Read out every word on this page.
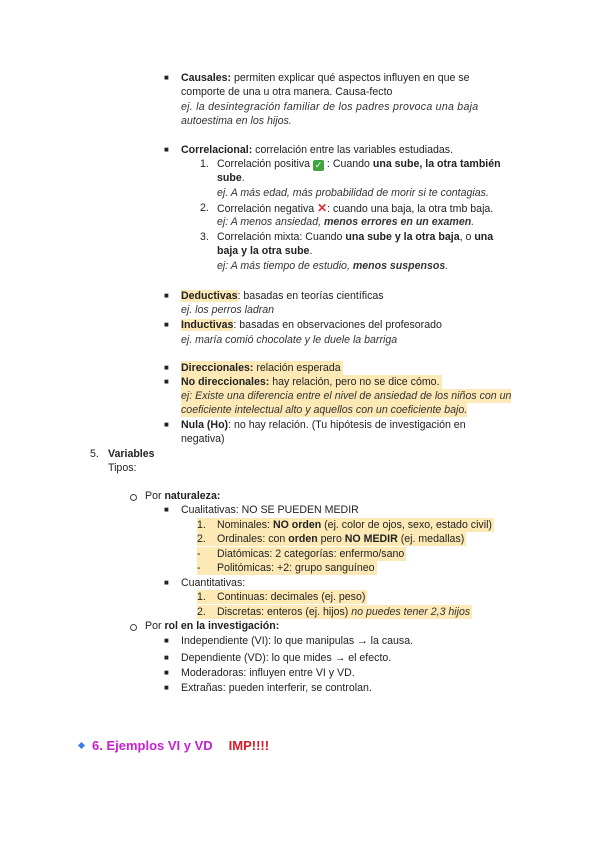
■ Causales: permiten explicar qué aspectos influyen en que se
comporte de una u otra manera. Causa-fecto
ej. la desintegración familiar de los padres provoca una baja
autoestima en los hijos.
■ Correlacional: correlación entre las variables estudiadas.
1. Correlación positiva ✓ : Cuando una sube, la otra también
sube.
ej. A más edad, más probabilidad de morir si te contagias.
2. Correlación negativa ✕: cuando una baja, la otra tmb baja.
ej: A menos ansiedad, menos errores en un examen.
3. Correlación mixta: Cuando una sube y la otra baja, o una
baja y la otra sube.
ej: A más tiempo de estudio, menos suspensos.
■ Deductivas: basadas en teorías científicas
ej. los perros ladran
■ Inductivas: basadas en observaciones del profesorado
ej. maría comió chocolate y le duele la barriga
■ Direccionales: relación esperada
■ No direccionales: hay relación, pero no se dice cómo.
ej: Existe una diferencia entre el nivel de ansiedad de los niños con un
coeficiente intelectual alto y aquellos con un coeficiente bajo.
■ Nula (Ho): no hay relación. (Tu hipótesis de investigación en
negativa)
5. Variables
Tipos:
Por naturaleza:
■ Cualitativas: NO SE PUEDEN MEDIR
1. Nominales: NO orden (ej. color de ojos, sexo, estado civil)
2. Ordinales: con orden pero NO MEDIR (ej. medallas)
- Diatómicas: 2 categorías: enfermo/sano
- Politómicas: +2: grupo sanguíneo
■ Cuantitativas:
1. Continuas: decimales (ej. peso)
2. Discretas: enteros (ej. hijos) no puedes tener 2,3 hijos
Por rol en la investigación:
■ Independiente (VI): lo que manipulas → la causa.
■ Dependiente (VD): lo que mides → el efecto.
■ Moderadoras: influyen entre VI y VD.
■ Extrañas: pueden interferir, se controlan.
6. Ejemplos VI y VD IMP!!!!
